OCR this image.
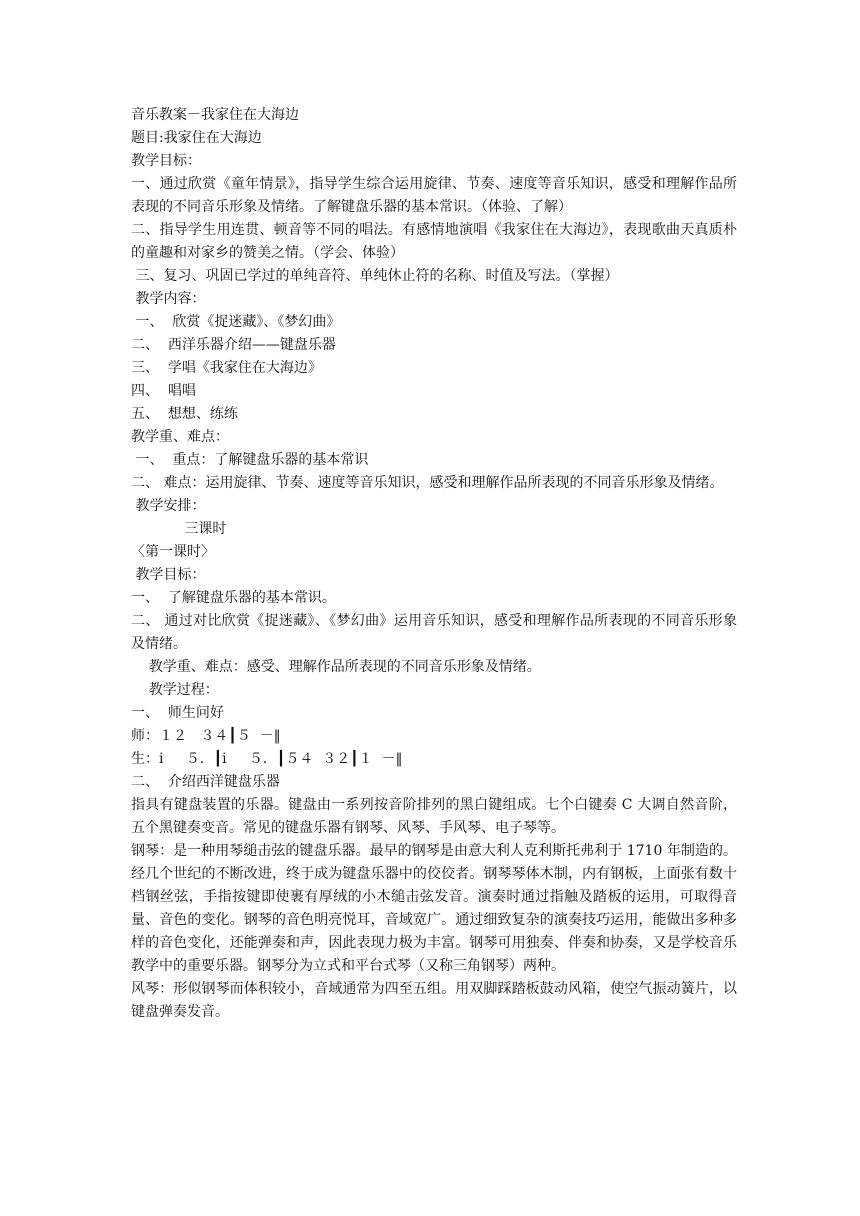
音乐教案－我家住在大海边
题目:我家住在大海边
教学目标：
一、通过欣赏《童年情景》，指导学生综合运用旋律、节奏、速度等音乐知识，感受和理解作品所表现的不同音乐形象及情绪。了解键盘乐器的基本常识。（体验、了解）
二、指导学生用连贯、顿音等不同的唱法。有感情地演唱《我家住在大海边》，表现歌曲天真质朴的童趣和对家乡的赞美之情。（学会、体验）
三、复习、巩固已学过的单纯音符、单纯休止符的名称、时值及写法。（掌握）
教学内容：
一、  欣赏《捉迷藏》、《梦幻曲》
二、  西洋乐器介绍——键盘乐器
三、  学唱《我家住在大海边》
四、  唱唱
五、  想想、练练
教学重、难点：
一、  重点：了解键盘乐器的基本常识
二、 难点：运用旋律、节奏、速度等音乐知识，感受和理解作品所表现的不同音乐形象及情绪。
教学安排：
三课时
〈第一课时〉
教学目标：
一、  了解键盘乐器的基本常识。
二、 通过对比欣赏《捉迷藏》、《梦幻曲》运用音乐知识，感受和理解作品所表现的不同音乐形象及情绪。
教学重、难点：感受、理解作品所表现的不同音乐形象及情绪。
教学过程：
一、  师生问好
师：１２   ３４┃５  －‖
生：i     ５．┃i     ５．┃５４  ３２┃１  －‖
二、  介绍西洋键盘乐器
指具有键盘装置的乐器。键盘由一系列按音阶排列的黑白键组成。七个白键奏 C 大调自然音阶，五个黑键奏变音。常见的键盘乐器有钢琴、风琴、手风琴、电子琴等。
钢琴：是一种用琴缒击弦的键盘乐器。最早的钢琴是由意大利人克利斯托弗利于 1710 年制造的。经几个世纪的不断改进，终于成为键盘乐器中的佼佼者。钢琴琴体木制，内有钢板，上面张有数十档钢丝弦，手指按键即使裹有厚绒的小木缒击弦发音。演奏时通过指触及踏板的运用，可取得音量、音色的变化。钢琴的音色明亮悦耳，音域宽广。通过细致复杂的演奏技巧运用，能做出多种多样的音色变化，还能弹奏和声，因此表现力极为丰富。钢琴可用独奏、伴奏和协奏，又是学校音乐教学中的重要乐器。钢琴分为立式和平台式琴（又称三角钢琴）两种。
风琴：形似钢琴而体积较小，音域通常为四至五组。用双脚踩踏板鼓动风箱，使空气振动簧片，以键盘弹奏发音。
